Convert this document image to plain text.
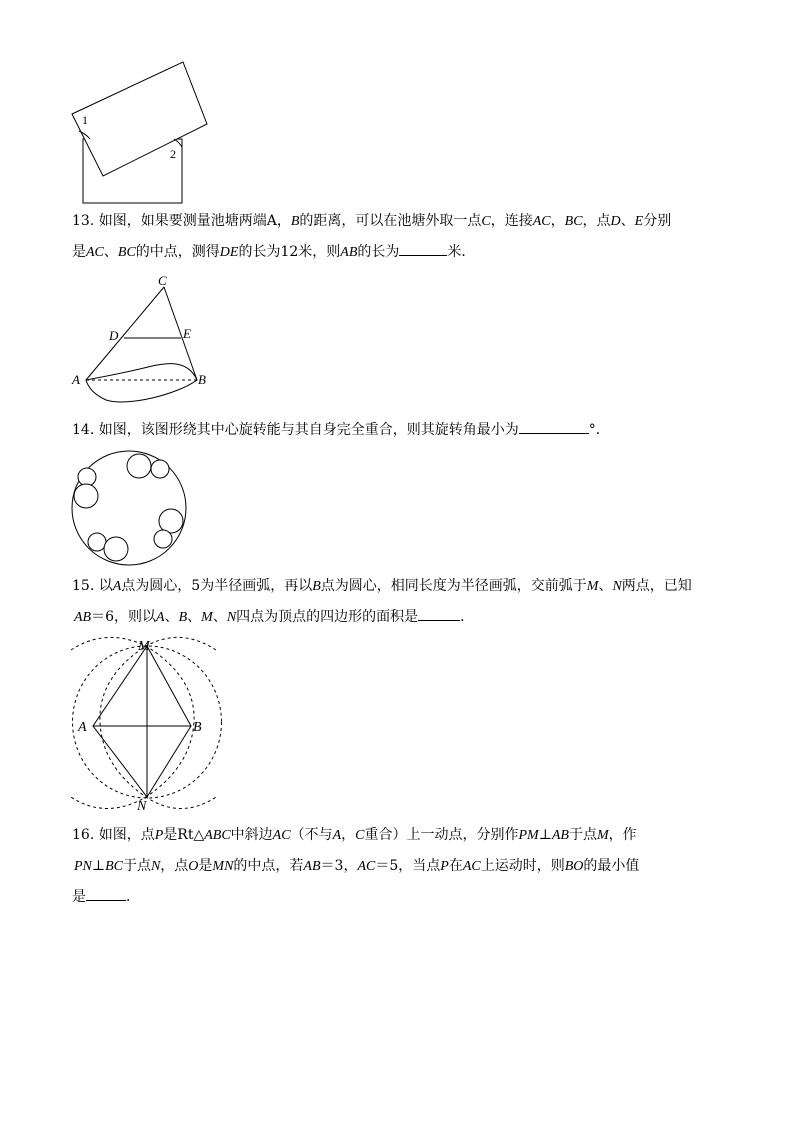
1
2

13. 如图，如果要测量池塘两端A，B的距离，可以在池塘外取一点C，连接AC，BC，点D、E分别

是AC、BC的中点，测得DE的长为12米，则AB的长为	米．

C
D	E
A	B

14. 如图，该图形绕其中心旋转能与其自身完全重合，则其旋转角最小为	°．

15. 以A点为圆心，5为半径画弧，再以B点为圆心，相同长度为半径画弧，交前弧于M、N两点，已知

AB＝6，则以A、B、M、N四点为顶点的四边形的面积是	．

M
N
A	B

16. 如图，点P是Rt△ABC中斜边AC（不与A，C重合）上一动点，分别作PM⊥AB于点M，作

PN⊥BC于点N，点O是MN的中点，若AB＝3，AC＝5，当点P在AC上运动时，则BO的最小值

是	．
